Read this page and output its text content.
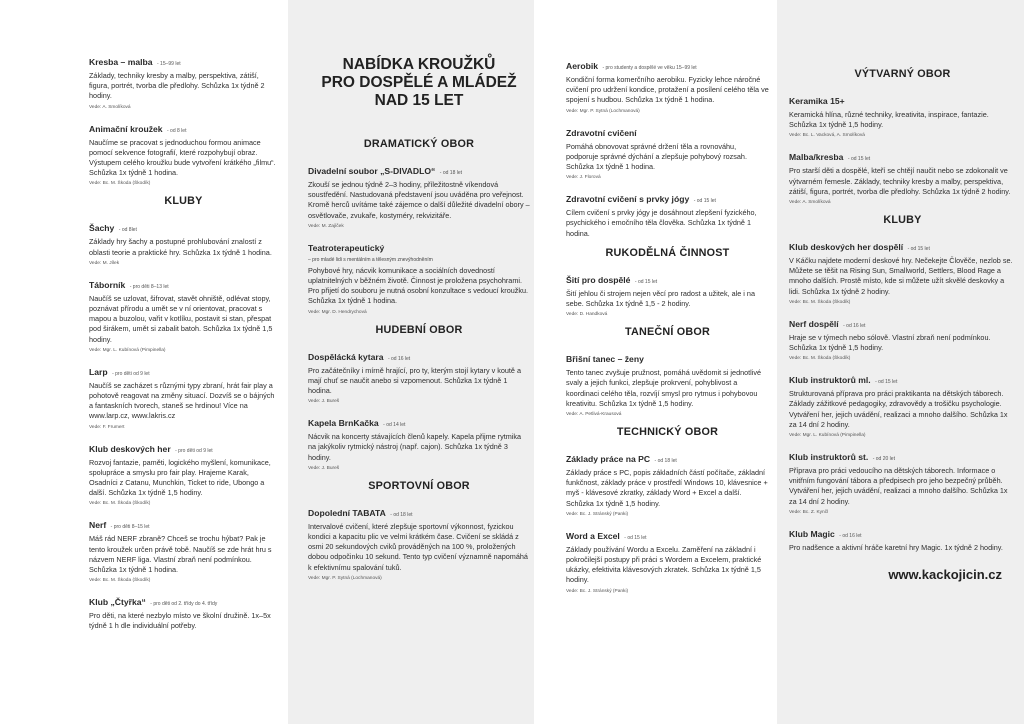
Kresba – malba - 15–99 let
Základy, techniky kresby a malby, perspektiva, zátiší, figura, portrét, tvorba dle předlohy. Schůzka 1x týdně 2 hodiny.
Vede: A. Smolíková
Animační kroužek - od 8 let
Naučíme se pracovat s jednoduchou formou animace pomocí sekvence fotografií, které rozpohybují obraz. Výstupem celého kroužku bude vytvoření krátkého „filmu“. Schůzka 1x týdně 1 hodina.
Vede: Bc. M. Škoda (Škodík)
KLUBY
Šachy - od 8let
Základy hry šachy a postupné prohlubování znalostí z oblasti teorie a praktické hry. Schůzka 1x týdně 1 hodina.
Vede: M. Jílek
Táborník - pro děti 8–13 let
Naučíš se uzlovat, šifrovat, stavět ohniště, odlévat stopy, poznávat přírodu a umět se v ní orientovat, pracovat s mapou a buzolou, vařit v kotlíku, postavit si stan, přespat pod širákem, umět si zabalit batoh. Schůzka 1x týdně 1,5 hodiny.
Vede: Mgr. L. Kubínová (Pimpinella)
Larp - pro děti od 9 let
Naučíš se zacházet s různými typy zbraní, hrát fair play a pohotově reagovat na změny situací. Dozvíš se o bájných a fantaskních tvorech, staneš se hrdinou! Více na www.larp.cz, www.lakris.cz
Vede: F. Frumert
Klub deskových her - pro děti od 9 let
Rozvoj fantazie, paměti, logického myšlení, komunikace, spolupráce a smyslu pro fair play. Hrajeme Karak, Osadníci z Catanu, Munchkin, Ticket to ride, Ubongo a další. Schůzka 1x týdně 1,5 hodiny.
Vede: Bc. M. Škoda (Škodík)
Nerf - pro děti 8–15 let
Máš rád NERF zbraně? Chceš se trochu hýbat? Pak je tento kroužek určen právě tobě. Naučíš se zde hrát hru s názvem NERF liga. Vlastní zbraň není podmínkou. Schůzka 1x týdně 1 hodina.
Vede: Bc. M. Škoda (Škodík)
Klub „Čtyřka“ - pro děti od 2. třídy do 4. třídy
Pro děti, na které nezbylo místo ve školní družině. 1x–5x týdně 1 h dle individuální potřeby.
NABÍDKA KROUŽKŮ
PRO DOSPĚLÉ A MLÁDEŽ
NAD 15 LET
DRAMATICKÝ OBOR
Divadelní soubor „S-DIVADLO“ - od 18 let
Zkouší se jednou týdně 2–3 hodiny, příležitostně víkendová soustředění. Nastudovaná představení jsou uváděna pro veřejnost. Kromě herců uvítáme také zájemce o další důležité divadelní obory – osvětlovače, zvukaře, kostyméry, rekvizitáře.
Vede: M. Zajíček
Teatroterapeutický
– pro mladé lidi s mentálním a tělesným znevýhodněním
Pohybové hry, nácvik komunikace a sociálních dovedností uplatnitelných v běžném životě. Činnost je proložena psychohrami. Pro přijetí do souboru je nutná osobní konzultace s vedoucí kroužku. Schůzka 1x týdně 1 hodina.
Vede: Mgr. D. Hendrychová
HUDEBNÍ OBOR
Dospělácká kytara - od 16 let
Pro začátečníky i mírně hrající, pro ty, kterým stojí kytary v koutě a mají chuť se naučit anebo si vzpomenout. Schůzka 1x týdně 1 hodina.
Vede: J. Bureš
Kapela BrnKačka - od 14 let
Nácvik na koncerty stávajících členů kapely. Kapela přijme rytmika na jakýkoliv rytmický nástroj (např. cajon). Schůzka 1x týdně 3 hodiny.
Vede: J. Bureš
SPORTOVNÍ OBOR
Dopolední TABATA - od 18 let
Intervalové cvičení, které zlepšuje sportovní výkonnost, fyzickou kondici a kapacitu plic ve velmi krátkém čase. Cvičení se skládá z osmi 20 sekundových cviků prováděných na 100 %, proložených dobou odpočinku 10 sekund. Tento typ cvičení významně napomáhá k efektivnímu spalování tuků.
Vede: Mgr. P. Sytná (Lochmanová)
Aerobik - pro studenty a dospělé ve věku 15–99 let
Kondiční forma komerčního aerobiku. Fyzicky lehce náročné cvičení pro udržení kondice, protažení a posílení celého těla ve spojení s hudbou. Schůzka 1x týdně 1 hodina.
Vede: Mgr. P. Sytná (Lochmanová)
Zdravotní cvičení
Pomáhá obnovovat správné držení těla a rovnováhu, podporuje správné dýchání a zlepšuje pohybový rozsah. Schůzka 1x týdně 1 hodina.
Vede: J. Florová
Zdravotní cvičení s prvky jógy - od 15 let
Cílem cvičení s prvky jógy je dosáhnout zlepšení fyzického, psychického i emočního těla člověka. Schůzka 1x týdně 1 hodina.
RUKODĚLNÁ ČINNOST
Šití pro dospělé - od 15 let
Šití jehlou či strojem nejen věcí pro radost a užitek, ale i na sebe. Schůzka 1x týdně 1,5 - 2 hodiny.
Vede: D. Handková
TANEČNÍ OBOR
Břišní tanec – ženy
Tento tanec zvyšuje pružnost, pomáhá uvědomit si jednotlivé svaly a jejich funkci, zlepšuje prokrvení, pohyblivost a koordinaci celého těla, rozvíjí smysl pro rytmus i pohybovou kreativitu. Schůzka 1x týdně 1,5 hodiny.
Vede: A. Petlivá-Krausová
TECHNICKÝ OBOR
Základy práce na PC - od 18 let
Základy práce s PC, popis základních částí počítače, základní funkčnost, základy práce v prostředí Windows 10, klávesnice + myš - klávesové zkratky, základy Word + Excel a další. Schůzka 1x týdně 1,5 hodiny.
Vede: Bc. J. Stránský (Panki)
Word a Excel - od 15 let
Základy používání Wordu a Excelu. Zaměření na základní i pokročilejší postupy při práci s Wordem a Excelem, praktické ukázky, efektivita klávesových zkratek. Schůzka 1x týdně 1,5 hodiny.
Vede: Bc. J. Stránský (Panki)
VÝTVARNÝ OBOR
Keramika 15+
Keramická hlína, různé techniky, kreativita, inspirace, fantazie. Schůzka 1x týdně 1,5 hodiny.
Vede: Bc. L. Vacková, A. Smolíková
Malba/kresba - od 15 let
Pro starší děti a dospělé, kteří se chtějí naučit nebo se zdokonalit ve výtvarném řemesle. Základy, techniky kresby a malby, perspektiva, zátiší, figura, portrét, tvorba dle předlohy. Schůzka 1x týdně 2 hodiny.
Vede: A. Smolíková
KLUBY
Klub deskových her dospělí - od 15 let
V Káčku najdete moderní deskové hry. Nečekejte Člověče, nezlob se. Můžete se těšit na Rising Sun, Smallworld, Settlers, Blood Rage a mnoho dalších. Prostě místo, kde si můžete užít skvělé deskovky a lidi. Schůzka 1x týdně 2 hodiny.
Vede: Bc. M. Škoda (Škodík)
Nerf dospělí - od 16 let
Hraje se v týmech nebo sólově. Vlastní zbraň není podmínkou. Schůzka 1x týdně 1,5 hodiny.
Vede: Bc. M. Škoda (Škodík)
Klub instruktorů ml. - od 15 let
Strukturovaná příprava pro práci praktikanta na dětských táborech. Základy zážitkové pedagogiky, zdravovědy a trošičku psychologie. Vytváření her, jejich uvádění, realizaci a mnoho dalšího. Schůzka 1x za 14 dní 2 hodiny.
Vede: Mgr. L. Kubínová (Pimpinella)
Klub instruktorů st. - od 20 let
Příprava pro práci vedoucího na dětských táborech. Informace o vnitřním fungování tábora a předpisech pro jeho bezpečný průběh. Vytváření her, jejich uvádění, realizaci a mnoho dalšího. Schůzka 1x za 14 dní 2 hodiny.
Vede: Bc. Z. Kynčl
Klub Magic - od 16 let
Pro nadšence a aktivní hráče karetní hry Magic. 1x týdně 2 hodiny.
www.kackojicin.cz
